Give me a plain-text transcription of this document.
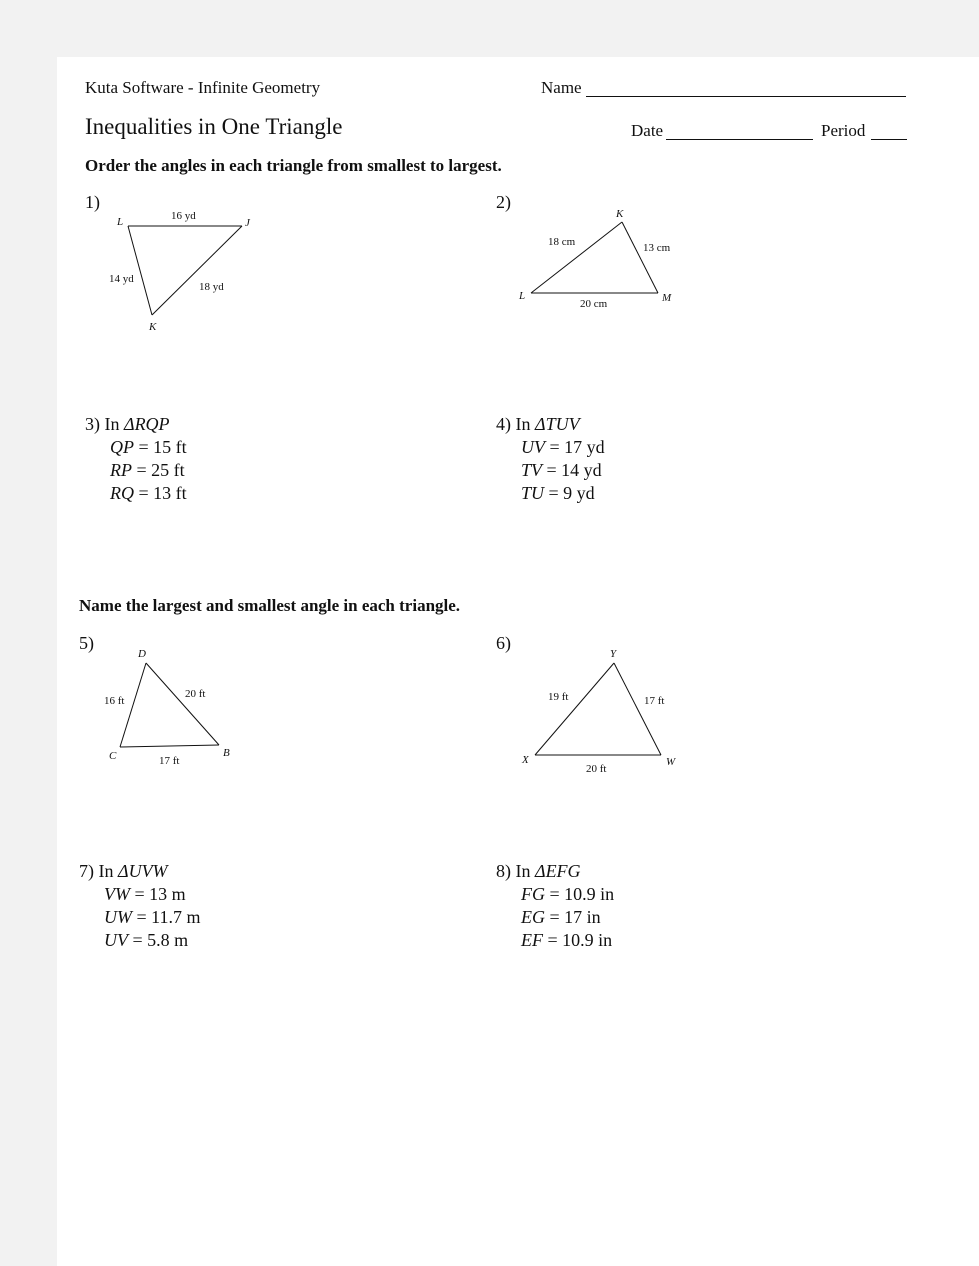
Kuta Software - Infinite Geometry	Name
Inequalities in One Triangle	Date	Period
Order the angles in each triangle from smallest to largest.
1)
L	J
K
16 yd
14 yd
18 yd
2)
K
L	M
18 cm	13 cm
20 cm
3) In ΔRQP
QP = 15 ft
RP = 25 ft
RQ = 13 ft
4) In ΔTUV
UV = 17 yd
TV = 14 yd
TU = 9 yd
Name the largest and smallest angle in each triangle.
5)
D
C	B
16 ft
20 ft
17 ft
6)
Y
X	W
19 ft	17 ft
20 ft
7) In ΔUVW
VW = 13 m
UW = 11.7 m
UV = 5.8 m
8) In ΔEFG
FG = 10.9 in
EG = 17 in
EF = 10.9 in
